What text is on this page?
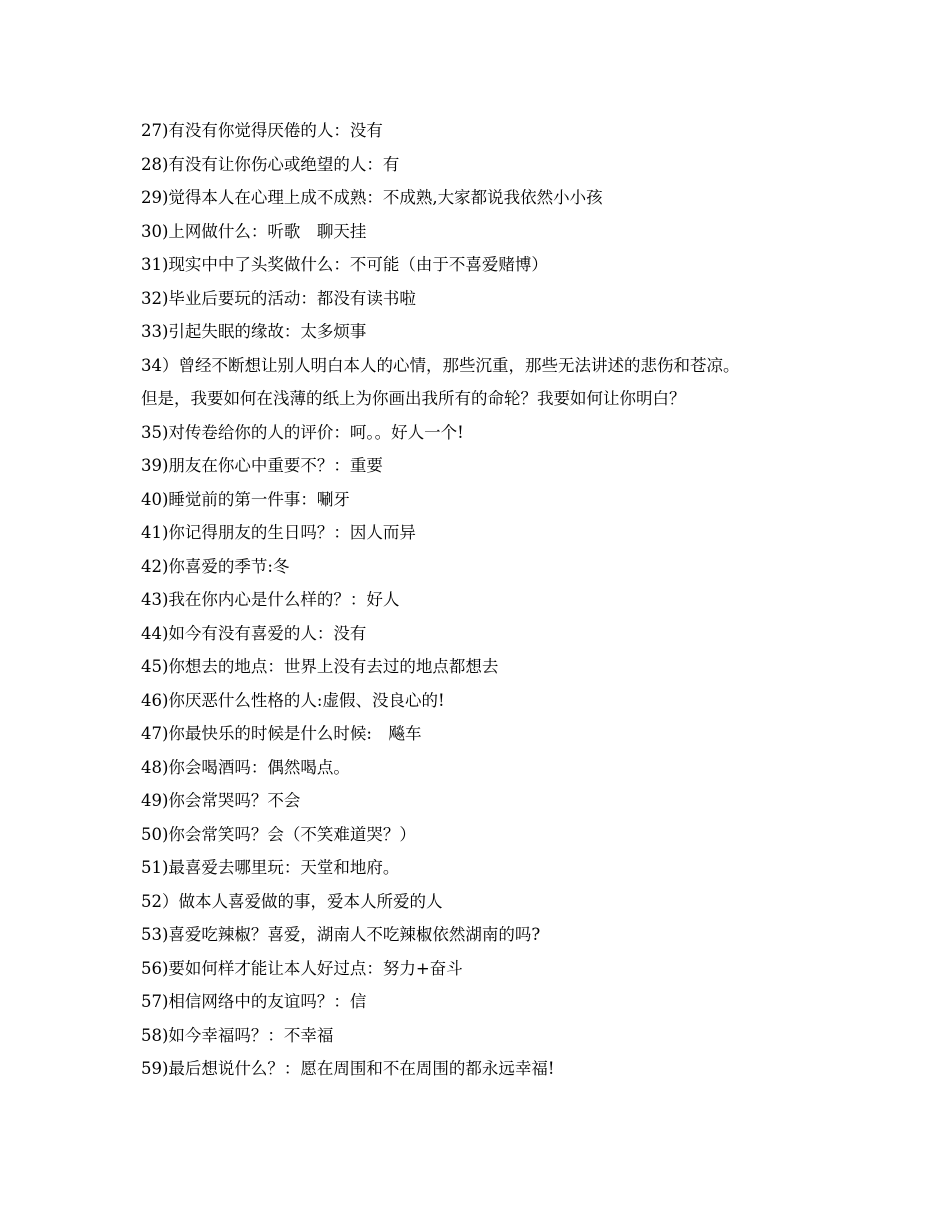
27)有没有你觉得厌倦的人：没有
28)有没有让你伤心或绝望的人：有
29)觉得本人在心理上成不成熟：不成熟,大家都说我依然小小孩
30)上网做什么：听歌　聊天挂
31)现实中中了头奖做什么：不可能（由于不喜爱赌博）
32)毕业后要玩的活动：都没有读书啦
33)引起失眠的缘故：太多烦事
34）曾经不断想让别人明白本人的心情，那些沉重，那些无法讲述的悲伤和苍凉。
但是，我要如何在浅薄的纸上为你画出我所有的命轮？我要如何让你明白？
35)对传卷给你的人的评价：呵。。好人一个!
39)朋友在你心中重要不？：重要
40)睡觉前的第一件事：唰牙
41)你记得朋友的生日吗？：因人而异
42)你喜爱的季节:冬
43)我在你内心是什么样的？：好人
44)如今有没有喜爱的人：没有
45)你想去的地点：世界上没有去过的地点都想去
46)你厌恶什么性格的人:虚假、没良心的!
47)你最快乐的时候是什么时候:　飚车
48)你会喝酒吗：偶然喝点。
49)你会常哭吗？不会
50)你会常笑吗？会（不笑难道哭？）
51)最喜爱去哪里玩：天堂和地府。
52）做本人喜爱做的事，爱本人所爱的人
53)喜爱吃辣椒？喜爱，湖南人不吃辣椒依然湖南的吗?
56)要如何样才能让本人好过点：努力+奋斗
57)相信网络中的友谊吗？：信
58)如今幸福吗？：不幸福
59)最后想说什么？：愿在周围和不在周围的都永远幸福!
